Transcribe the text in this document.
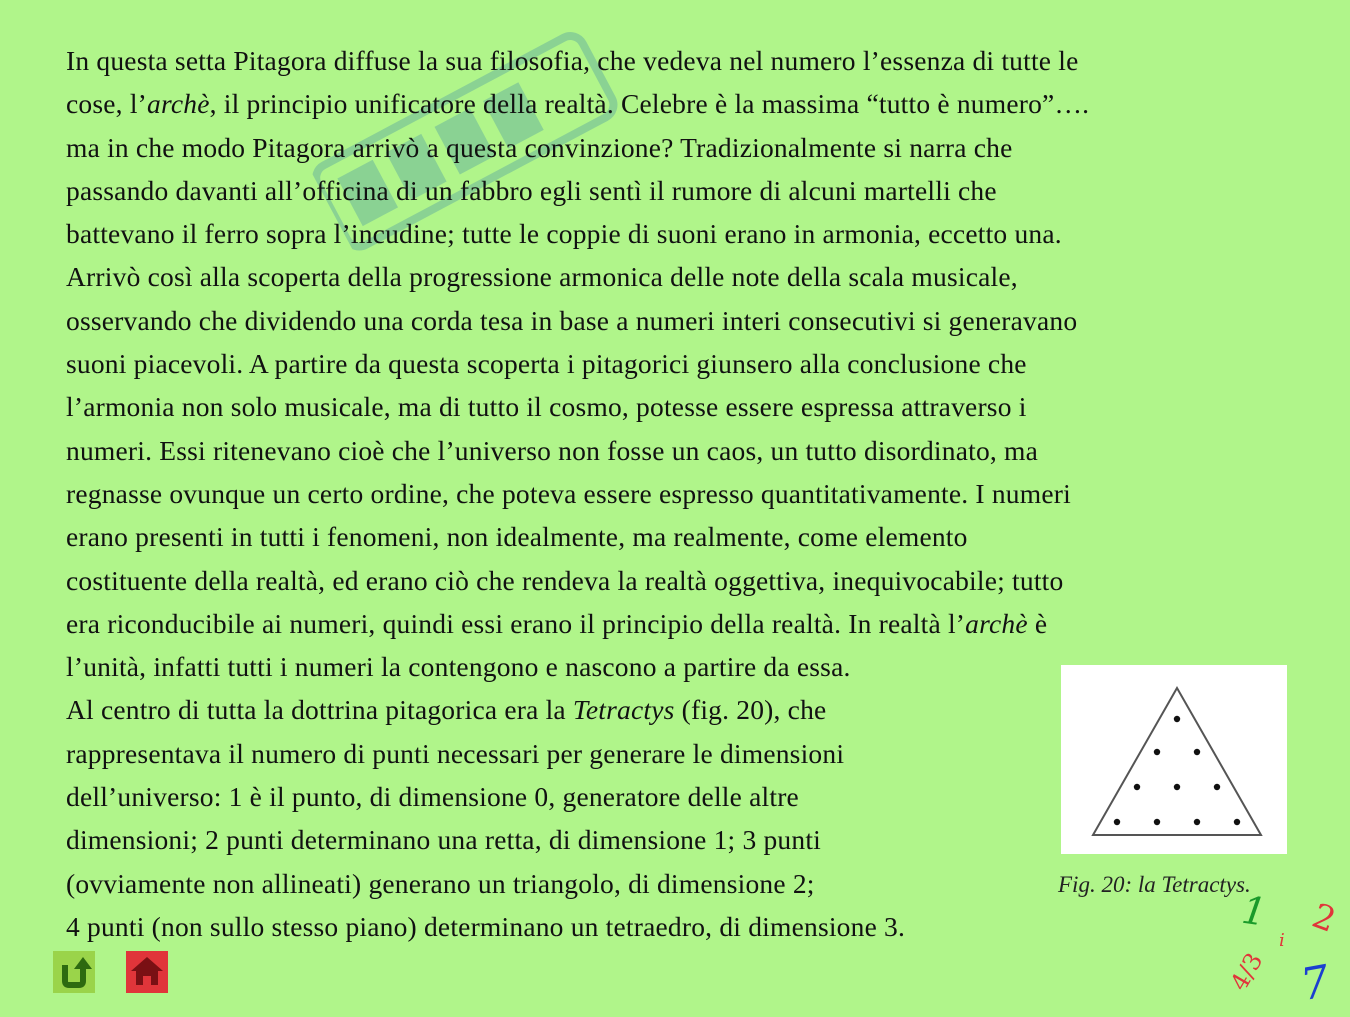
In questa setta Pitagora diffuse la sua filosofia, che vedeva nel numero l’essenza di tutte le
cose, l’archè, il principio unificatore della realtà. Celebre è la massima “tutto è numero”….
ma in che modo Pitagora arrivò a questa convinzione? Tradizionalmente si narra che
passando davanti all’officina di un fabbro egli sentì il rumore di alcuni martelli che
battevano il ferro sopra l’incudine; tutte le coppie di suoni erano in armonia, eccetto una.
Arrivò così alla scoperta della progressione armonica delle note della scala musicale,
osservando che dividendo una corda tesa in base a numeri interi consecutivi si generavano
suoni piacevoli. A partire da questa scoperta i pitagorici giunsero alla conclusione che
l’armonia non solo musicale, ma di tutto il cosmo, potesse essere espressa attraverso i
numeri. Essi ritenevano cioè che l’universo non fosse un caos, un tutto disordinato, ma
regnasse ovunque un certo ordine, che poteva essere espresso quantitativamente. I numeri
erano presenti in tutti i fenomeni, non idealmente, ma realmente, come elemento
costituente della realtà, ed erano ciò che rendeva la realtà oggettiva, inequivocabile; tutto
era riconducibile ai numeri, quindi essi erano il principio della realtà. In realtà l’archè è
l’unità, infatti tutti i numeri la contengono e nascono a partire da essa.
Al centro di tutta la dottrina pitagorica era la Tetractys (fig. 20), che
rappresentava il numero di punti necessari per generare le dimensioni
dell’universo: 1 è il punto, di dimensione 0, generatore delle altre
dimensioni; 2 punti determinano una retta, di dimensione 1; 3 punti
(ovviamente non allineati) generano un triangolo, di dimensione 2;
4 punti (non sullo stesso piano) determinano un tetraedro, di dimensione 3.
Fig. 20: la Tetractys.
1 2
4/3
i
7
